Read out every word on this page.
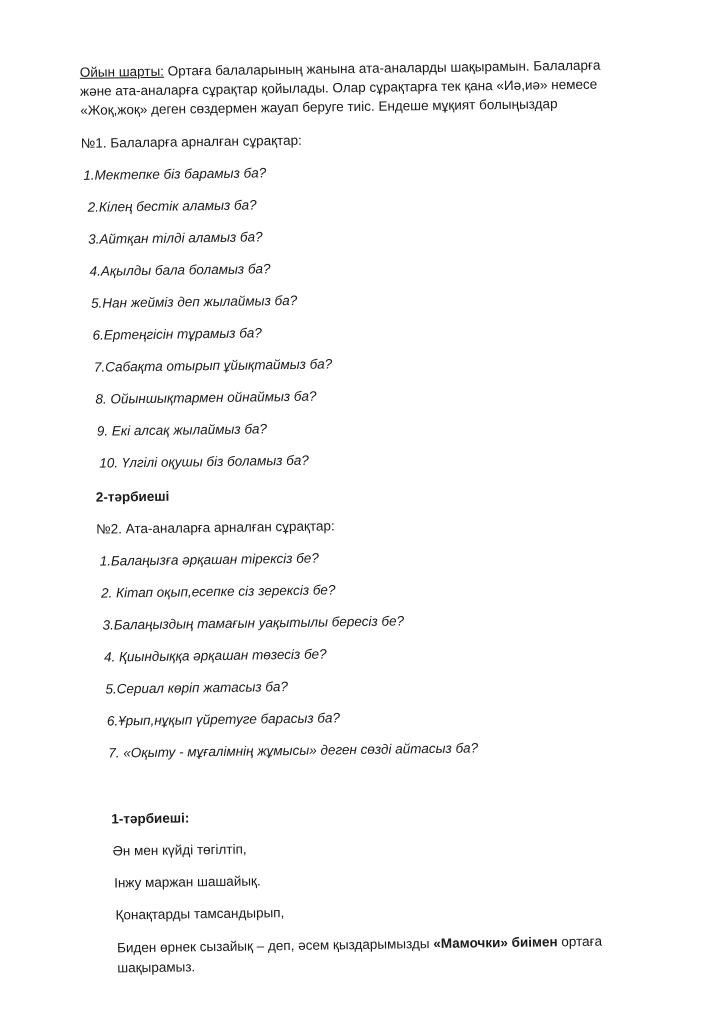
Ойын шарты: Ортаға балаларының жанына ата-аналарды шақырамын. Балаларға
және ата-аналарға сұрақтар қойылады. Олар сұрақтарға тек қана «Иә,иә» немесе
«Жоқ,жоқ» деген сөздермен жауап беруге тиіс. Ендеше мұқият болыңыздар
№1. Балаларға арналған сұрақтар:
1.Мектепке біз барамыз ба?
2.Кілең бестік аламыз ба?
3.Айтқан тілді аламыз ба?
4.Ақылды бала боламыз ба?
5.Нан жейміз деп жылаймыз ба?
6.Ертеңгісін тұрамыз ба?
7.Сабақта отырып ұйықтаймыз ба?
8. Ойыншықтармен ойнаймыз ба?
9. Екі алсақ жылаймыз ба?
10. Үлгілі оқушы біз боламыз ба?
2-тәрбиеші
№2. Ата-аналарға арналған сұрақтар:
1.Балаңызға әрқашан тірексіз бе?
2. Кітап оқып,есепке сіз зерексіз бе?
3.Балаңыздың тамағын уақытылы бересіз бе?
4. Қиындыққа әрқашан төзесіз бе?
5.Сериал көріп жатасыз ба?
6.Ұрып,нұқып үйретуге барасыз ба?
7. «Оқыту - мұғалімнің жұмысы» деген сөзді айтасыз ба?
1-тәрбиеші:
Ән мен күйді төгілтіп,
Інжу маржан шашайық.
Қонақтарды тамсандырып,
Биден өрнек сызайық – деп, әсем қыздарымызды «Мамочки» биімен ортаға шақырамыз.
